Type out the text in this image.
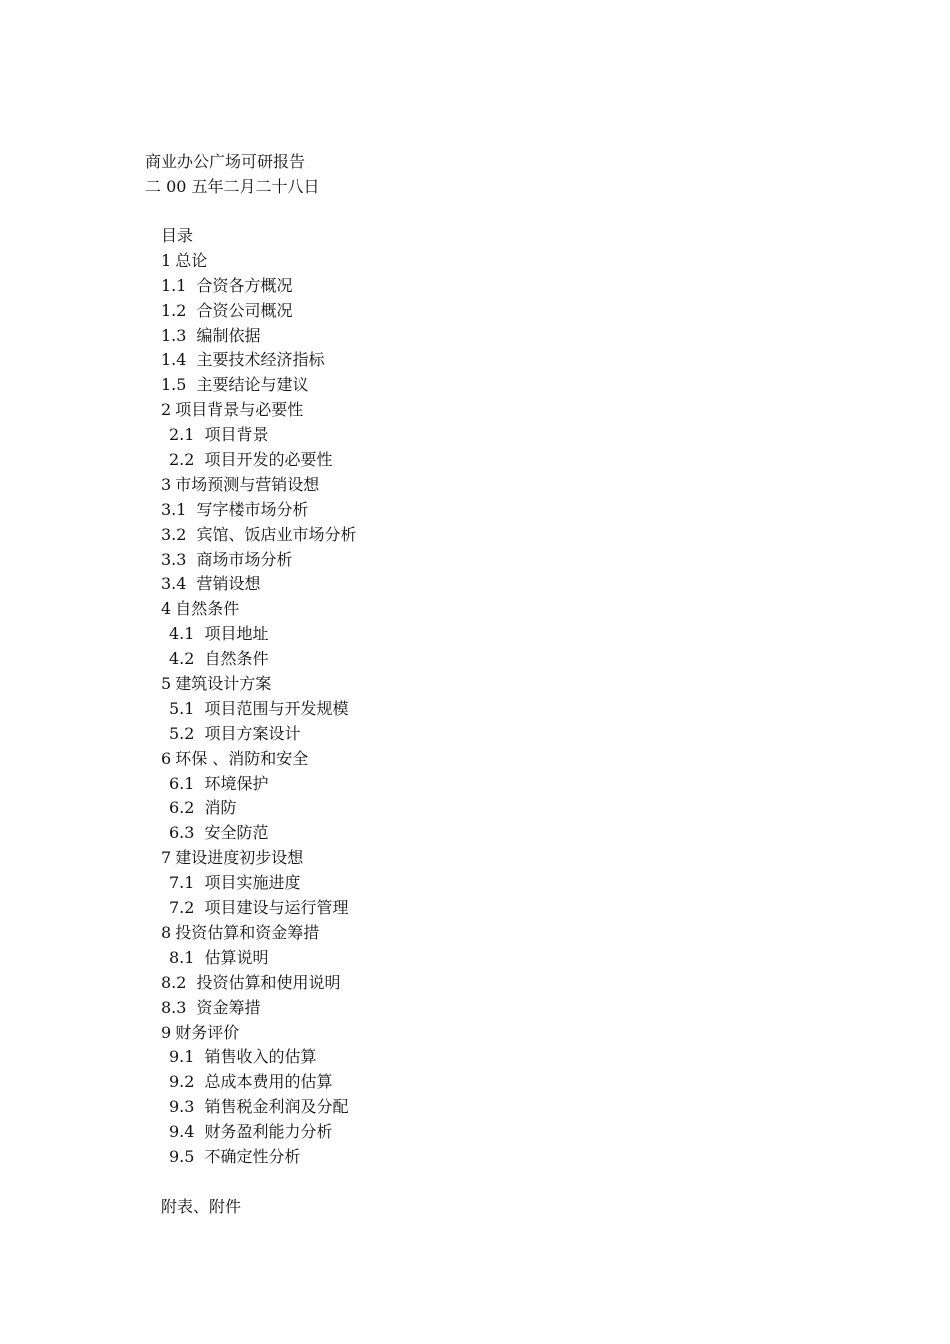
商业办公广场可研报告
二 00 五年二月二十八日
目录
1 总论
1.1 合资各方概况
1.2 合资公司概况
1.3 编制依据
1.4 主要技术经济指标
1.5 主要结论与建议
2 项目背景与必要性
2.1 项目背景
2.2 项目开发的必要性
3 市场预测与营销设想
3.1 写字楼市场分析
3.2 宾馆、饭店业市场分析
3.3 商场市场分析
3.4 营销设想
4 自然条件
4.1 项目地址
4.2 自然条件
5 建筑设计方案
5.1 项目范围与开发规模
5.2 项目方案设计
6 环保 、消防和安全
6.1 环境保护
6.2 消防
6.3 安全防范
7 建设进度初步设想
7.1 项目实施进度
7.2 项目建设与运行管理
8 投资估算和资金筹措
8.1 估算说明
8.2 投资估算和使用说明
8.3 资金筹措
9 财务评价
9.1 销售收入的估算
9.2 总成本费用的估算
9.3 销售税金利润及分配
9.4 财务盈利能力分析
9.5 不确定性分析
附表、附件
